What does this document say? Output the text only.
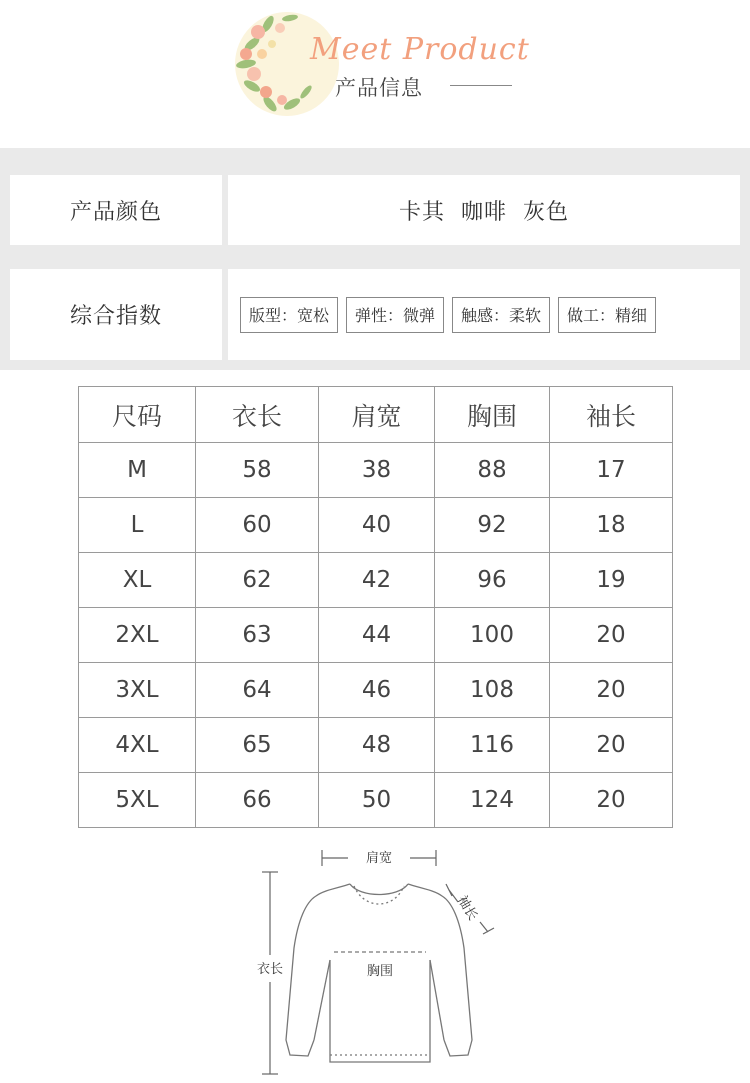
Meet Product
产品信息
产品颜色	卡其  咖啡  灰色
综合指数	版型：宽松	弹性：微弹	触感：柔软	做工：精细
尺码	衣长	肩宽	胸围	袖长
M	58	38	88	17
L	60	40	92	18
XL	62	42	96	19
2XL	63	44	100	20
3XL	64	46	108	20
4XL	65	48	116	20
5XL	66	50	124	20
肩宽
衣长	胸围
袖长
